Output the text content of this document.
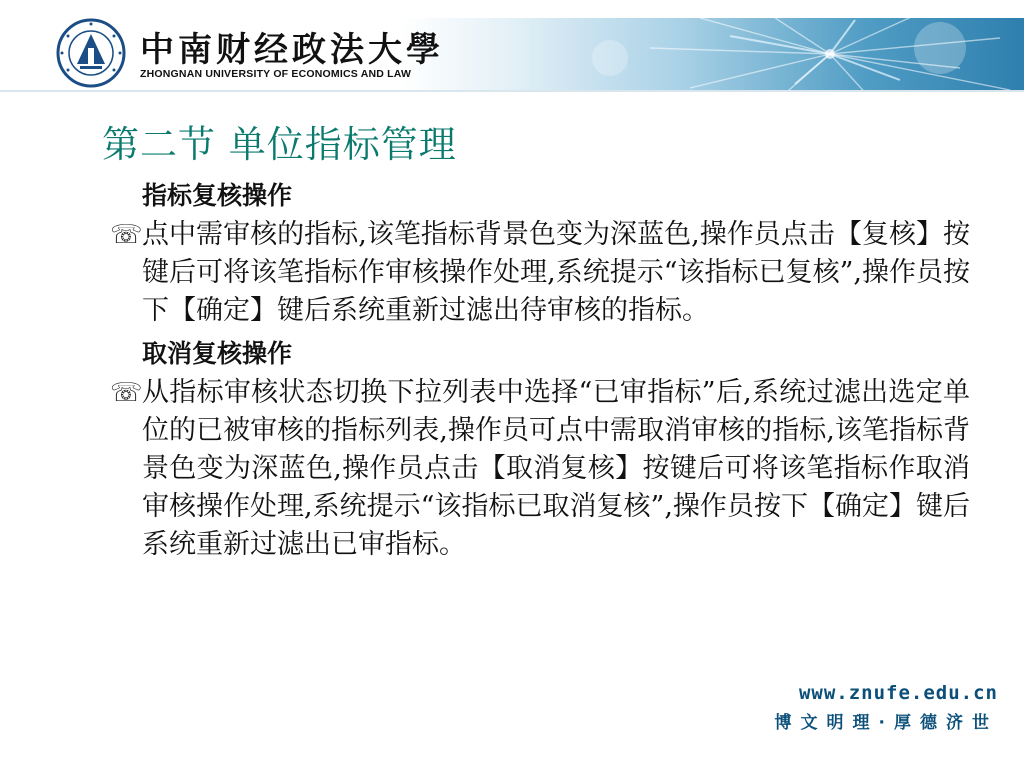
中南财经政法大學
ZHONGNAN UNIVERSITY OF ECONOMICS AND LAW
第二节 单位指标管理
指标复核操作
☏ 点中需审核的指标,该笔指标背景色变为深蓝色,操作员点击【复核】按键后可将该笔指标作审核操作处理,系统提示“该指标已复核”,操作员按下【确定】键后系统重新过滤出待审核的指标。
取消复核操作
☏ 从指标审核状态切换下拉列表中选择“已审指标”后,系统过滤出选定单位的已被审核的指标列表,操作员可点中需取消审核的指标,该笔指标背景色变为深蓝色,操作员点击【取消复核】按键后可将该笔指标作取消审核操作处理,系统提示“该指标已取消复核”,操作员按下【确定】键后系统重新过滤出已审指标。
www.znufe.edu.cn
博文明理·厚德济世
